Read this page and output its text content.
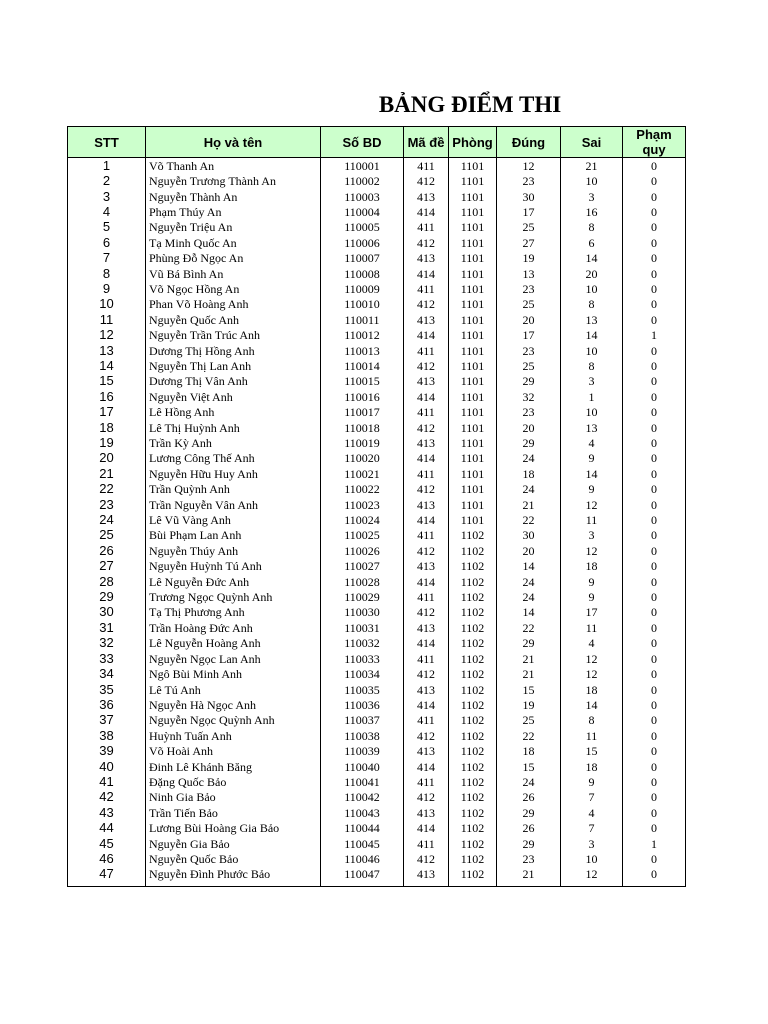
BẢNG ĐIỂM THI
STT	Họ và tên	Số BD	Mã đề	Phòng	Đúng	Sai	Phạm quy
1	Võ Thanh An	110001	411	1101	12	21	0
2	Nguyễn Trương Thành An	110002	412	1101	23	10	0
3	Nguyễn Thành An	110003	413	1101	30	3	0
4	Phạm Thúy An	110004	414	1101	17	16	0
5	Nguyễn Triệu An	110005	411	1101	25	8	0
6	Tạ Minh Quốc An	110006	412	1101	27	6	0
7	Phùng Đỗ Ngọc An	110007	413	1101	19	14	0
8	Vũ Bá Bình An	110008	414	1101	13	20	0
9	Võ Ngọc Hồng An	110009	411	1101	23	10	0
10	Phan Võ Hoàng Anh	110010	412	1101	25	8	0
11	Nguyễn Quốc Anh	110011	413	1101	20	13	0
12	Nguyễn Trần Trúc Anh	110012	414	1101	17	14	1
13	Dương Thị Hồng Anh	110013	411	1101	23	10	0
14	Nguyễn Thị Lan Anh	110014	412	1101	25	8	0
15	Dương Thị Vân Anh	110015	413	1101	29	3	0
16	Nguyễn Việt Anh	110016	414	1101	32	1	0
17	Lê Hồng Anh	110017	411	1101	23	10	0
18	Lê Thị Huỳnh Anh	110018	412	1101	20	13	0
19	Trần Kỳ Anh	110019	413	1101	29	4	0
20	Lương Công Thế Anh	110020	414	1101	24	9	0
21	Nguyễn Hữu Huy Anh	110021	411	1101	18	14	0
22	Trần Quỳnh Anh	110022	412	1101	24	9	0
23	Trần Nguyễn Vân Anh	110023	413	1101	21	12	0
24	Lê Vũ Vàng Anh	110024	414	1101	22	11	0
25	Bùi Phạm Lan Anh	110025	411	1102	30	3	0
26	Nguyễn Thúy Anh	110026	412	1102	20	12	0
27	Nguyễn Huỳnh Tú Anh	110027	413	1102	14	18	0
28	Lê Nguyễn Đức Anh	110028	414	1102	24	9	0
29	Trương Ngọc Quỳnh Anh	110029	411	1102	24	9	0
30	Tạ Thị Phương Anh	110030	412	1102	14	17	0
31	Trần Hoàng Đức Anh	110031	413	1102	22	11	0
32	Lê Nguyễn Hoàng Anh	110032	414	1102	29	4	0
33	Nguyễn Ngọc Lan Anh	110033	411	1102	21	12	0
34	Ngô Bùi Minh Anh	110034	412	1102	21	12	0
35	Lê Tú Anh	110035	413	1102	15	18	0
36	Nguyễn Hà Ngọc Anh	110036	414	1102	19	14	0
37	Nguyễn Ngọc Quỳnh Anh	110037	411	1102	25	8	0
38	Huỳnh Tuấn Anh	110038	412	1102	22	11	0
39	Võ Hoài Anh	110039	413	1102	18	15	0
40	Đinh Lê Khánh Băng	110040	414	1102	15	18	0
41	Đặng Quốc Bảo	110041	411	1102	24	9	0
42	Ninh Gia Bảo	110042	412	1102	26	7	0
43	Trần Tiến Bảo	110043	413	1102	29	4	0
44	Lương Bùi Hoàng Gia Bảo	110044	414	1102	26	7	0
45	Nguyễn Gia Bảo	110045	411	1102	29	3	1
46	Nguyễn Quốc Bảo	110046	412	1102	23	10	0
47	Nguyễn Đình Phước Bảo	110047	413	1102	21	12	0
